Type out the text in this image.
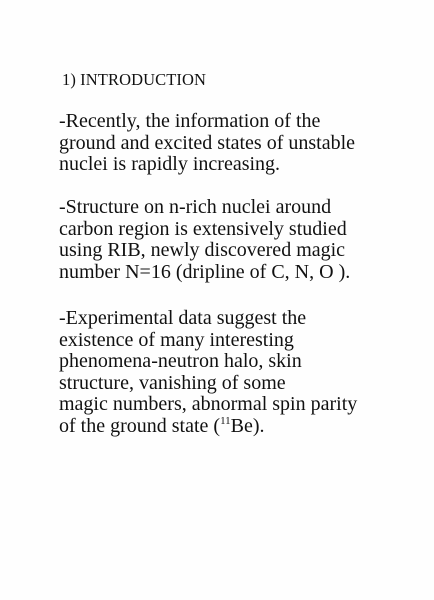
1) INTRODUCTION
-Recently, the information of the
ground and excited states of unstable
nuclei is rapidly increasing.
-Structure on n-rich nuclei around
carbon region is extensively studied
using RIB, newly discovered magic
number N=16 (dripline of C, N, O ).
-Experimental data suggest the
existence of many interesting
phenomena-neutron halo, skin
structure, vanishing of some
magic numbers, abnormal spin parity
of the ground state ($^{11}$Be).
